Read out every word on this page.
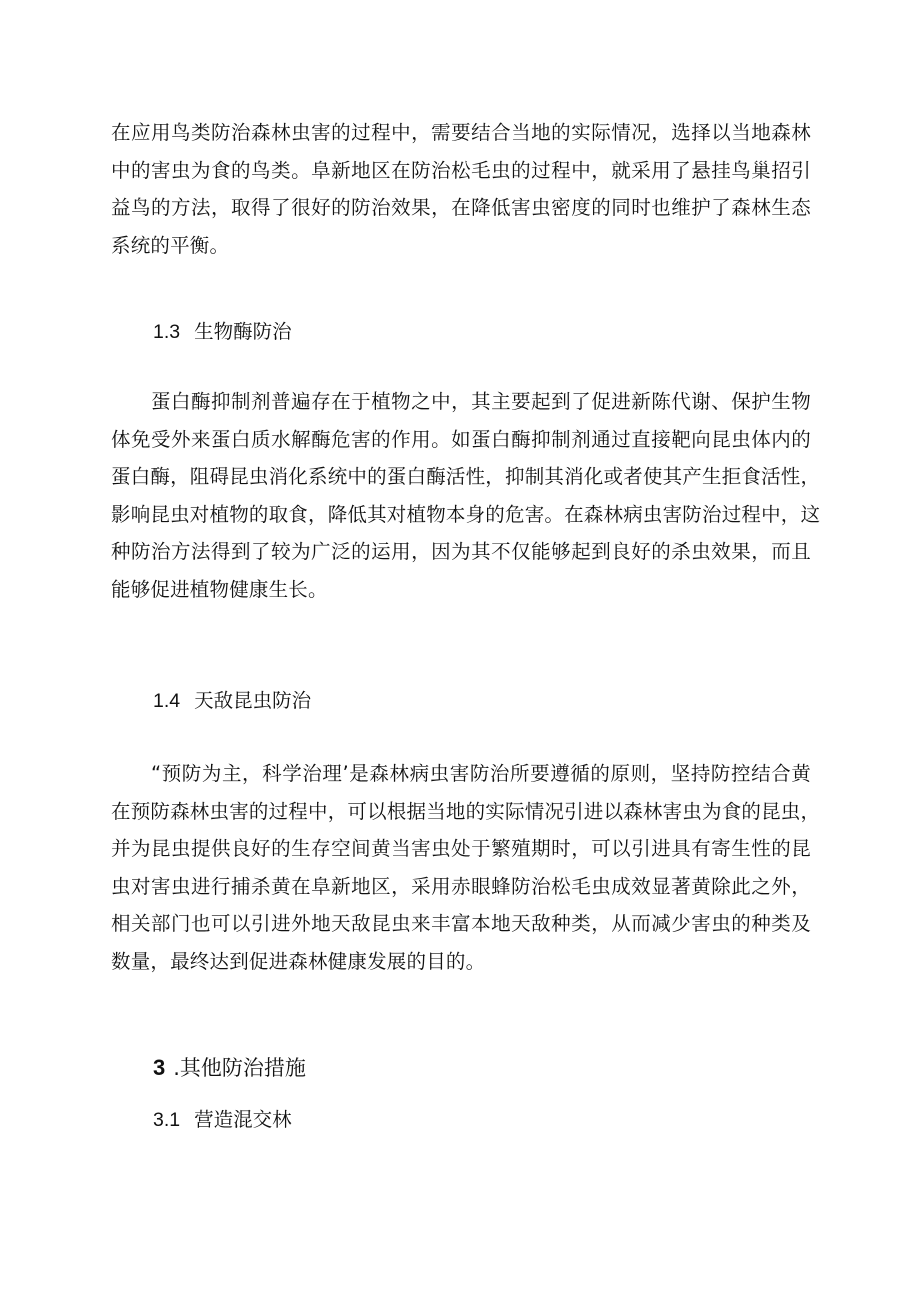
在应用鸟类防治森林虫害的过程中，需要结合当地的实际情况，选择以当地森林
中的害虫为食的鸟类。阜新地区在防治松毛虫的过程中，就采用了悬挂鸟巢招引
益鸟的方法，取得了很好的防治效果，在降低害虫密度的同时也维护了森林生态
系统的平衡。
1.3 生物酶防治
蛋白酶抑制剂普遍存在于植物之中，其主要起到了促进新陈代谢、保护生物
体免受外来蛋白质水解酶危害的作用。如蛋白酶抑制剂通过直接靶向昆虫体内的
蛋白酶，阻碍昆虫消化系统中的蛋白酶活性，抑制其消化或者使其产生拒食活性，
影响昆虫对植物的取食，降低其对植物本身的危害。在森林病虫害防治过程中，这
种防治方法得到了较为广泛的运用，因为其不仅能够起到良好的杀虫效果，而且
能够促进植物健康生长。
1.4 天敌昆虫防治
“预防为主，科学治理’是森林病虫害防治所要遵循的原则，坚持防控结合黄
在预防森林虫害的过程中，可以根据当地的实际情况引进以森林害虫为食的昆虫，
并为昆虫提供良好的生存空间黄当害虫处于繁殖期时，可以引进具有寄生性的昆
虫对害虫进行捕杀黄在阜新地区，采用赤眼蜂防治松毛虫成效显著黄除此之外，
相关部门也可以引进外地天敌昆虫来丰富本地天敌种类，从而减少害虫的种类及
数量，最终达到促进森林健康发展的目的。
3 .其他防治措施
3.1 营造混交林
